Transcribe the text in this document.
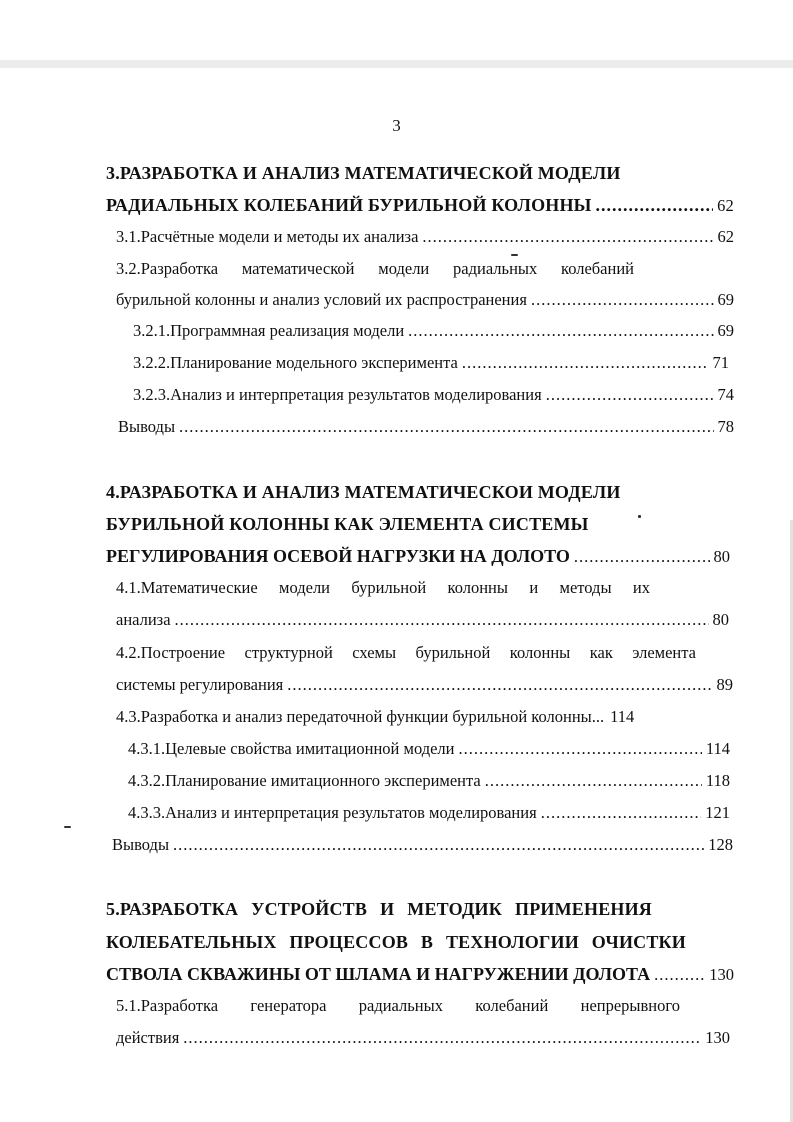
3
3.РАЗРАБОТКА И АНАЛИЗ МАТЕМАТИЧЕСКОЙ МОДЕЛИ
РАДИАЛЬНЫХ КОЛЕБАНИЙ БУРИЛЬНОЙ КОЛОННЫ .....	62
3.1.Расчётные модели и методы их анализа .....	62
3.2.Разработка математической модели радиальных колебаний
бурильной колонны и анализ условий их распространения .....	69
3.2.1.Программная реализация модели .....	69
3.2.2.Планирование модельного эксперимента .....	71
3.2.3.Анализ и интерпретация результатов моделирования .....	74
Выводы .....	78
4.РАЗРАБОТКА И АНАЛИЗ МАТЕМАТИЧЕСКОИ МОДЕЛИ
БУРИЛЬНОЙ КОЛОННЫ КАК ЭЛЕМЕНТА СИСТЕМЫ
РЕГУЛИРОВАНИЯ ОСЕВОЙ НАГРУЗКИ НА ДОЛОТО .....	80
4.1.Математические модели бурильной колонны и методы их
анализа .....	80
4.2.Построение структурной схемы бурильной колонны как элемента
системы регулирования .....	89
4.3.Разработка и анализ передаточной функции бурильной колонны... 114
4.3.1.Целевые свойства имитационной модели .....	114
4.3.2.Планирование имитационного эксперимента .....	118
4.3.3.Анализ и интерпретация результатов моделирования .....	121
Выводы .....	128
5.РАЗРАБОТКА УСТРОЙСТВ И МЕТОДИК ПРИМЕНЕНИЯ
КОЛЕБАТЕЛЬНЫХ ПРОЦЕССОВ В ТЕХНОЛОГИИ ОЧИСТКИ
СТВОЛА СКВАЖИНЫ ОТ ШЛАМА И НАГРУЖЕНИИ ДОЛОТА .....	130
5.1.Разработка генератора радиальных колебаний непрерывного
действия .....	130
